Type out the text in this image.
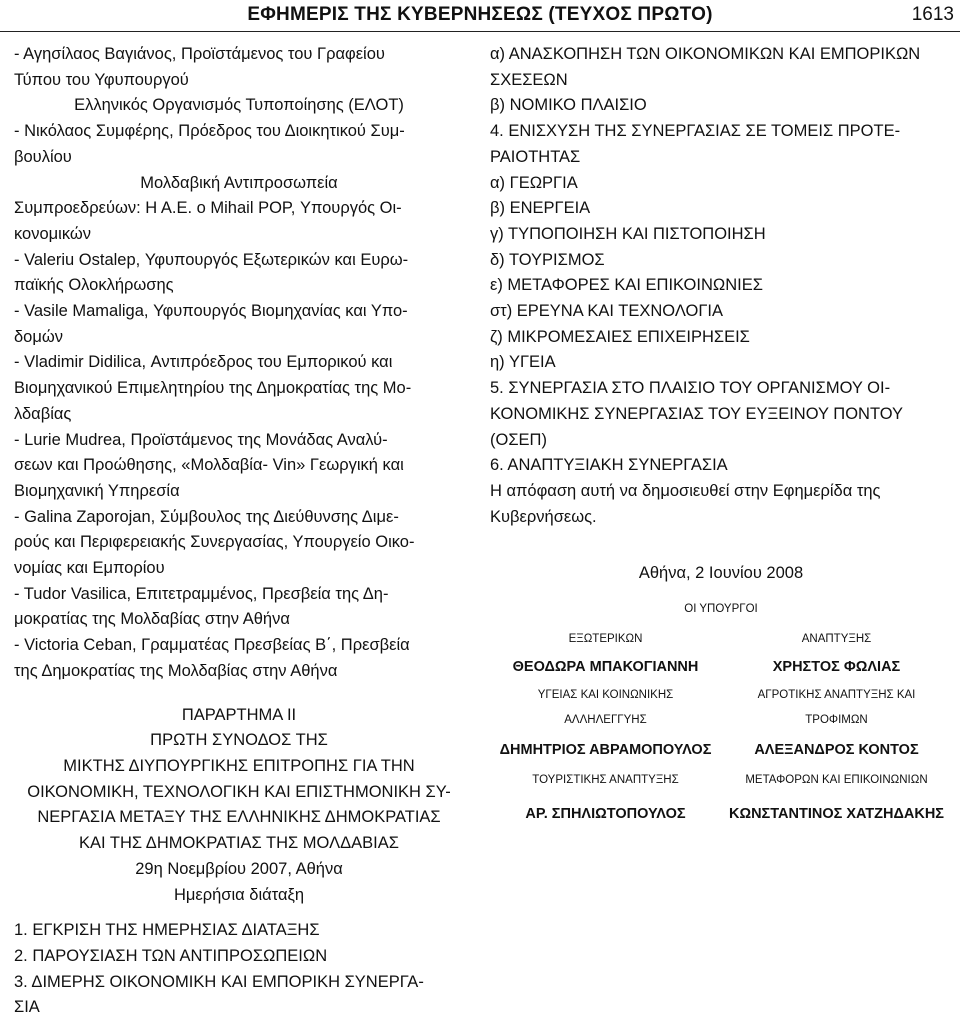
ΕΦΗΜΕΡΙΣ ΤΗΣ ΚΥΒΕΡΝΗΣΕΩΣ (ΤΕΥΧΟΣ ΠΡΩΤΟ)	1613
- Αγησίλαος Βαγιάνος, Προϊστάμενος του Γραφείου
Τύπου του Υφυπουργού
Ελληνικός Οργανισμός Τυποποίησης (ΕΛΟΤ)
- Νικόλαος Συμφέρης, Πρόεδρος του Διοικητικού Συμ-
βουλίου
Μολδαβική Αντιπροσωπεία
Συμπροεδρεύων: Η Α.Ε. ο Mihail POP, Υπουργός Οι-
κονομικών
- Valeriu Ostalep, Υφυπουργός Εξωτερικών και Ευρω-
παϊκής Ολοκλήρωσης
- Vasile Mamaliga, Υφυπουργός Βιομηχανίας και Υπο-
δομών
- Vladimir Didilica, Αντιπρόεδρος του Εμπορικού και
Βιομηχανικού Επιμελητηρίου της Δημοκρατίας της Μο-
λδαβίας
- Lurie Mudrea, Προϊστάμενος της Μονάδας Αναλύ-
σεων και Προώθησης, «Μολδαβία- Vin» Γεωργική και
Βιομηχανική Υπηρεσία
- Galina Zaporojan, Σύμβουλος της Διεύθυνσης Διμε-
ρούς και Περιφερειακής Συνεργασίας, Υπουργείο Οικο-
νομίας και Εμπορίου
- Tudor Vasilica, Επιτετραμμένος, Πρεσβεία της Δη-
μοκρατίας της Μολδαβίας στην Αθήνα
- Victoria Ceban, Γραμματέας Πρεσβείας Β΄, Πρεσβεία
της Δημοκρατίας της Μολδαβίας στην Αθήνα
ΠΑΡΑΡΤΗΜΑ II
ΠΡΩΤΗ ΣΥΝΟΔΟΣ ΤΗΣ
ΜΙΚΤΗΣ ΔΙΥΠΟΥΡΓΙΚΗΣ ΕΠΙΤΡΟΠΗΣ ΓΙΑ ΤΗΝ
ΟΙΚΟΝΟΜΙΚΗ, ΤΕΧΝΟΛΟΓΙΚΗ ΚΑΙ ΕΠΙΣΤΗΜΟΝΙΚΗ ΣΥ-
ΝΕΡΓΑΣΙΑ ΜΕΤΑΞΥ ΤΗΣ ΕΛΛΗΝΙΚΗΣ ΔΗΜΟΚΡΑΤΙΑΣ
ΚΑΙ ΤΗΣ ΔΗΜΟΚΡΑΤΙΑΣ ΤΗΣ ΜΟΛΔΑΒΙΑΣ
29η Νοεμβρίου 2007, Αθήνα
Ημερήσια διάταξη
1. ΕΓΚΡΙΣΗ ΤΗΣ ΗΜΕΡΗΣΙΑΣ ΔΙΑΤΑΞΗΣ
2. ΠΑΡΟΥΣΙΑΣΗ ΤΩΝ ΑΝΤΙΠΡΟΣΩΠΕΙΩΝ
3. ΔΙΜΕΡΗΣ ΟΙΚΟΝΟΜΙΚΗ ΚΑΙ ΕΜΠΟΡΙΚΗ ΣΥΝΕΡΓΑ-
ΣΙΑ
α) ΑΝΑΣΚΟΠΗΣΗ ΤΩΝ ΟΙΚΟΝΟΜΙΚΩΝ ΚΑΙ ΕΜΠΟΡΙΚΩΝ
ΣΧΕΣΕΩΝ
β) ΝΟΜΙΚΟ ΠΛΑΙΣΙΟ
4. ΕΝΙΣΧΥΣΗ ΤΗΣ ΣΥΝΕΡΓΑΣΙΑΣ ΣΕ ΤΟΜΕΙΣ ΠΡΟΤΕ-
ΡΑΙΟΤΗΤΑΣ
α) ΓΕΩΡΓΙΑ
β) ΕΝΕΡΓΕΙΑ
γ) ΤΥΠΟΠΟΙΗΣΗ ΚΑΙ ΠΙΣΤΟΠΟΙΗΣΗ
δ) ΤΟΥΡΙΣΜΟΣ
ε) ΜΕΤΑΦΟΡΕΣ ΚΑΙ ΕΠΙΚΟΙΝΩΝΙΕΣ
στ) ΕΡΕΥΝΑ ΚΑΙ ΤΕΧΝΟΛΟΓΙΑ
ζ) ΜΙΚΡΟΜΕΣΑΙΕΣ ΕΠΙΧΕΙΡΗΣΕΙΣ
η) ΥΓΕΙΑ
5. ΣΥΝΕΡΓΑΣΙΑ ΣΤΟ ΠΛΑΙΣΙΟ ΤΟΥ ΟΡΓΑΝΙΣΜΟΥ ΟΙ-
ΚΟΝΟΜΙΚΗΣ ΣΥΝΕΡΓΑΣΙΑΣ ΤΟΥ ΕΥΞΕΙΝΟΥ ΠΟΝΤΟΥ
(ΟΣΕΠ)
6. ΑΝΑΠΤΥΞΙΑΚΗ ΣΥΝΕΡΓΑΣΙΑ
Η απόφαση αυτή να δημοσιευθεί στην Εφημερίδα της
Κυβερνήσεως.
Αθήνα, 2 Ιουνίου 2008
ΟΙ ΥΠΟΥΡΓΟΙ
ΕΞΩΤΕΡΙΚΩΝ
ΘΕΟΔΩΡΑ ΜΠΑΚΟΓΙΑΝΝΗ
ΑΝΑΠΤΥΞΗΣ
ΧΡΗΣΤΟΣ ΦΩΛΙΑΣ
ΥΓΕΙΑΣ ΚΑΙ ΚΟΙΝΩΝΙΚΗΣ
ΑΛΛΗΛΕΓΓΥΗΣ
ΔΗΜΗΤΡΙΟΣ ΑΒΡΑΜΟΠΟΥΛΟΣ
ΑΓΡΟΤΙΚΗΣ ΑΝΑΠΤΥΞΗΣ ΚΑΙ
ΤΡΟΦΙΜΩΝ
ΑΛΕΞΑΝΔΡΟΣ ΚΟΝΤΟΣ
ΤΟΥΡΙΣΤΙΚΗΣ ΑΝΑΠΤΥΞΗΣ
ΑΡ. ΣΠΗΛΙΩΤΟΠΟΥΛΟΣ
ΜΕΤΑΦΟΡΩΝ ΚΑΙ ΕΠΙΚΟΙΝΩΝΙΩΝ
ΚΩΝΣΤΑΝΤΙΝΟΣ ΧΑΤΖΗΔΑΚΗΣ
